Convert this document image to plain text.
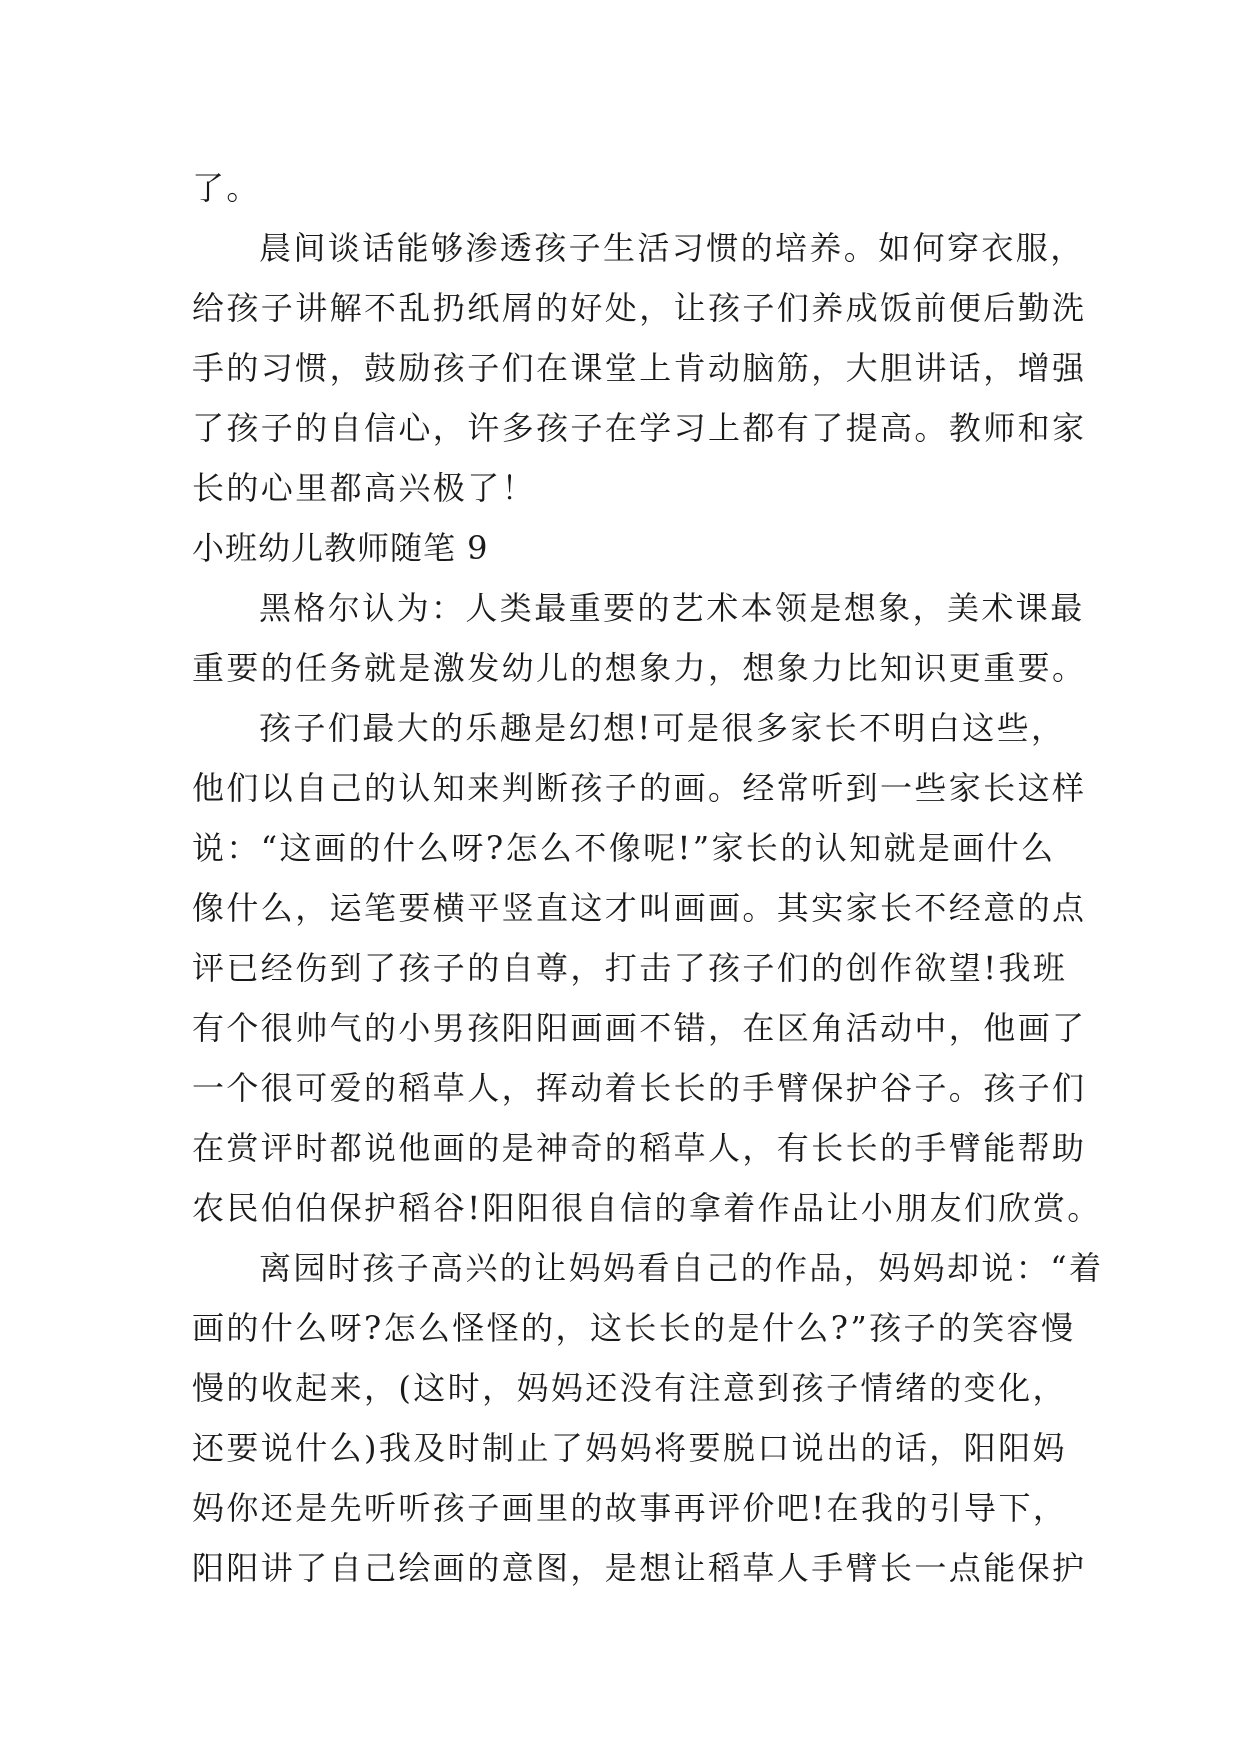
了。
晨间谈话能够渗透孩子生活习惯的培养。如何穿衣服，
给孩子讲解不乱扔纸屑的好处，让孩子们养成饭前便后勤洗
手的习惯，鼓励孩子们在课堂上肯动脑筋，大胆讲话，增强
了孩子的自信心，许多孩子在学习上都有了提高。教师和家
长的心里都高兴极了！
小班幼儿教师随笔 9
黑格尔认为：人类最重要的艺术本领是想象，美术课最
重要的任务就是激发幼儿的想象力，想象力比知识更重要。
孩子们最大的乐趣是幻想!可是很多家长不明白这些，
他们以自己的认知来判断孩子的画。经常听到一些家长这样
说：“这画的什么呀?怎么不像呢!”家长的认知就是画什么
像什么，运笔要横平竖直这才叫画画。其实家长不经意的点
评已经伤到了孩子的自尊，打击了孩子们的创作欲望!我班
有个很帅气的小男孩阳阳画画不错，在区角活动中，他画了
一个很可爱的稻草人，挥动着长长的手臂保护谷子。孩子们
在赏评时都说他画的是神奇的稻草人，有长长的手臂能帮助
农民伯伯保护稻谷!阳阳很自信的拿着作品让小朋友们欣赏。
离园时孩子高兴的让妈妈看自己的作品，妈妈却说：“着
画的什么呀?怎么怪怪的，这长长的是什么?”孩子的笑容慢
慢的收起来，(这时，妈妈还没有注意到孩子情绪的变化，
还要说什么)我及时制止了妈妈将要脱口说出的话，阳阳妈
妈你还是先听听孩子画里的故事再评价吧!在我的引导下，
阳阳讲了自己绘画的意图，是想让稻草人手臂长一点能保护
